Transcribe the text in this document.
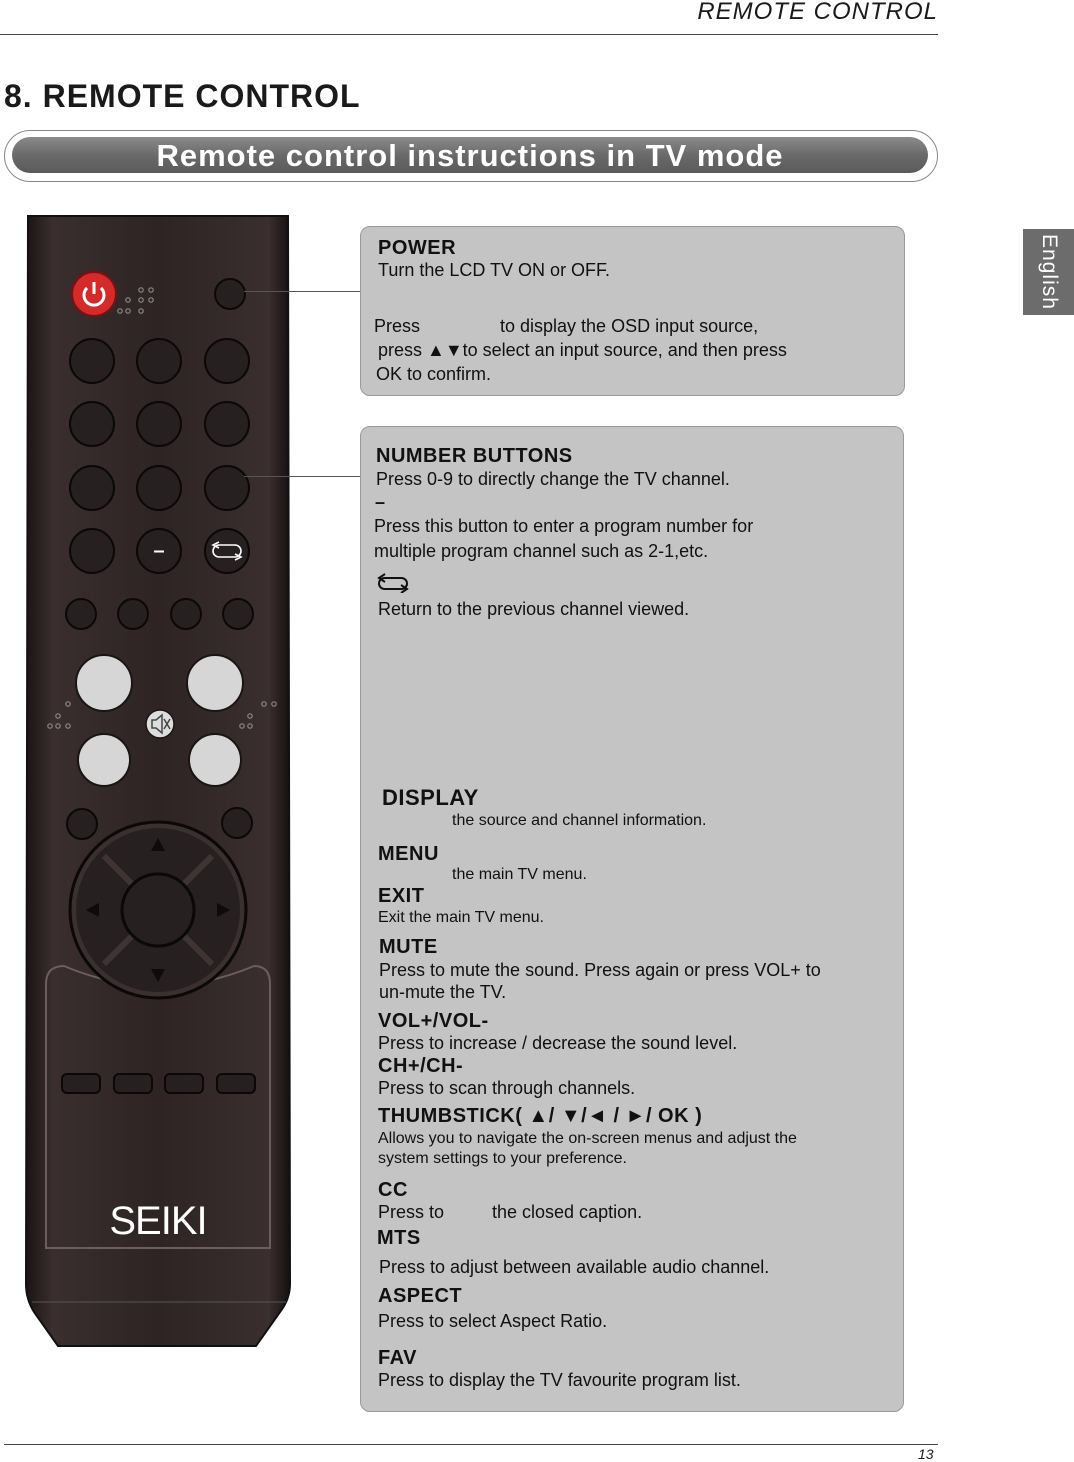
REMOTE CONTROL
8. REMOTE CONTROL
Remote control instructions in TV mode
English
–
SEIKI
POWER
Turn the LCD TV ON or OFF.
Press	to display the OSD input source,
press ▲▼to select an input source, and then press
OK to confirm.
NUMBER BUTTONS
Press 0-9 to directly change the TV channel.
–
Press this button to enter a program number for
multiple program channel such as 2-1,etc.
Return to the previous channel viewed.
DISPLAY
the source and channel information.
MENU
the main TV menu.
EXIT
Exit the main TV menu.
MUTE
Press to mute the sound. Press again or press VOL+ to
un-mute the TV.
VOL+/VOL-
Press to increase / decrease the sound level.
CH+/CH-
Press to scan through channels.
THUMBSTICK( ▲/ ▼/◄ / ►/ OK )
Allows you to navigate the on-screen menus and adjust the
system settings to your preference.
CC
Press to	the closed caption.
MTS
Press to adjust between available audio channel.
ASPECT
Press to select Aspect Ratio.
FAV
Press to display the TV favourite program list.
13
